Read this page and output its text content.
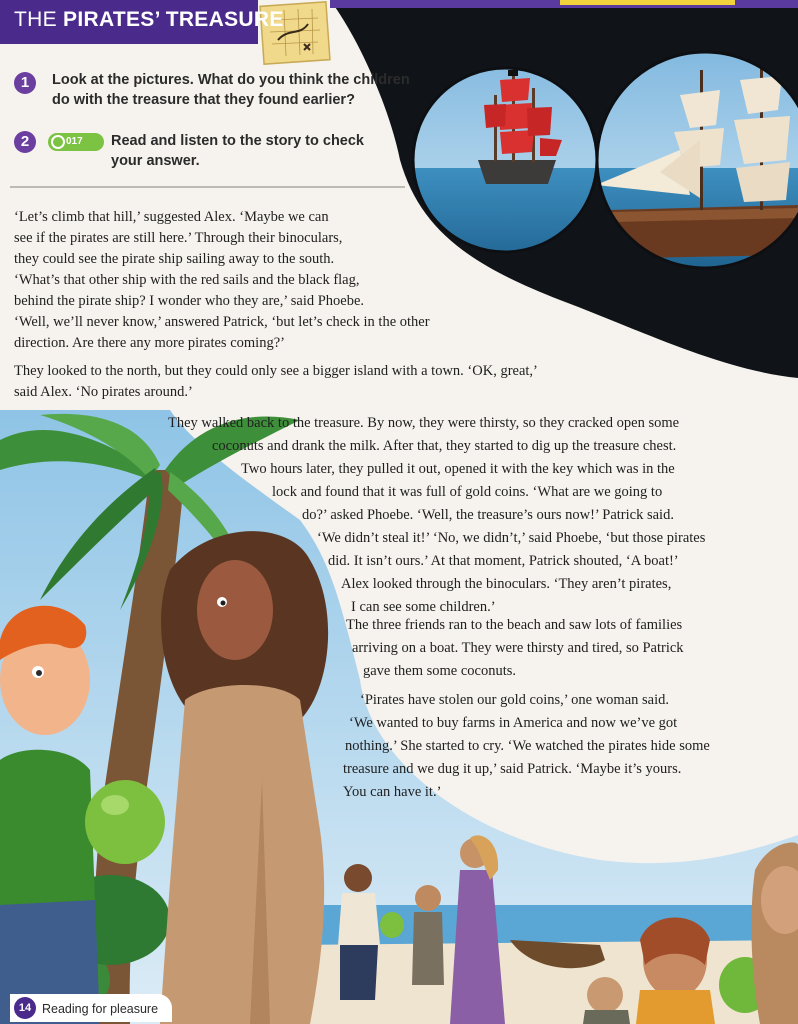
THE PIRATES’ TREASURE
1	Look at the pictures. What do you think the children
do with the treasure that they found earlier?
2	017	Read and listen to the story to check
your answer.
‘Let’s climb that hill,’ suggested Alex. ‘Maybe we can
see if the pirates are still here.’ Through their binoculars,
they could see the pirate ship sailing away to the south.
‘What’s that other ship with the red sails and the black flag,
behind the pirate ship? I wonder who they are,’ said Phoebe.
‘Well, we’ll never know,’ answered Patrick, ‘but let’s check in the other
direction. Are there any more pirates coming?’
They looked to the north, but they could only see a bigger island with a town. ‘OK, great,’
said Alex. ‘No pirates around.’
They walked back to the treasure. By now, they were thirsty, so they cracked open some
coconuts and drank the milk. After that, they started to dig up the treasure chest.
Two hours later, they pulled it out, opened it with the key which was in the
lock and found that it was full of gold coins. ‘What are we going to
do?’ asked Phoebe. ‘Well, the treasure’s ours now!’ Patrick said.
‘We didn’t steal it!’ ‘No, we didn’t,’ said Phoebe, ‘but those pirates
did. It isn’t ours.’ At that moment, Patrick shouted, ‘A boat!’
Alex looked through the binoculars. ‘They aren’t pirates,
I can see some children.’
The three friends ran to the beach and saw lots of families
arriving on a boat. They were thirsty and tired, so Patrick
gave them some coconuts.
‘Pirates have stolen our gold coins,’ one woman said.
‘We wanted to buy farms in America and now we’ve got
nothing.’ She started to cry. ‘We watched the pirates hide some
treasure and we dug it up,’ said Patrick. ‘Maybe it’s yours.
You can have it.’
14 Reading for pleasure
